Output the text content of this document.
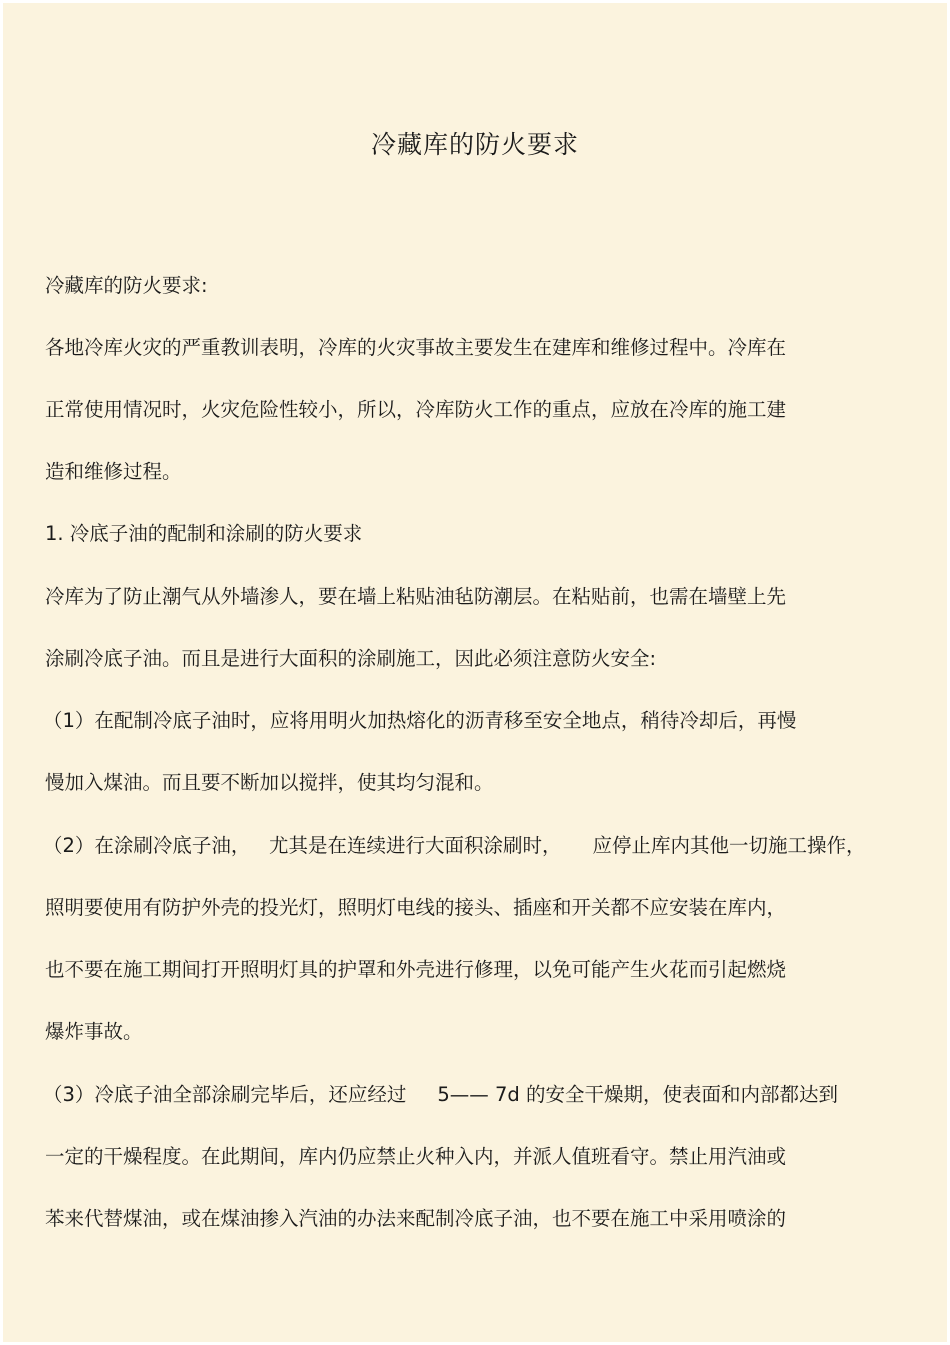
冷藏库的防火要求
冷藏库的防火要求:
各地冷库火灾的严重教训表明，冷库的火灾事故主要发生在建库和维修过程中。冷库在
正常使用情况时，火灾危险性较小，所以，冷库防火工作的重点，应放在冷库的施工建
造和维修过程。
1. 冷底子油的配制和涂刷的防火要求
冷库为了防止潮气从外墙渗人，要在墙上粘贴油毡防潮层。在粘贴前，也需在墙壁上先
涂刷冷底子油。而且是进行大面积的涂刷施工，因此必须注意防火安全:
（1）在配制冷底子油时，应将用明火加热熔化的沥青移至安全地点，稍待冷却后，再慢
慢加入煤油。而且要不断加以搅拌，使其均匀混和。
（2）在涂刷冷底子油，   尤其是在连续进行大面积涂刷时，     应停止库内其他一切施工操作，
照明要使用有防护外壳的投光灯，照明灯电线的接头、插座和开关都不应安装在库内，
也不要在施工期间打开照明灯具的护罩和外壳进行修理，以免可能产生火花而引起燃烧
爆炸事故。
（3）冷底子油全部涂刷完毕后，还应经过     5—— 7d 的安全干燥期，使表面和内部都达到
一定的干燥程度。在此期间，库内仍应禁止火种入内，并派人值班看守。禁止用汽油或
苯来代替煤油，或在煤油掺入汽油的办法来配制冷底子油，也不要在施工中采用喷涂的
